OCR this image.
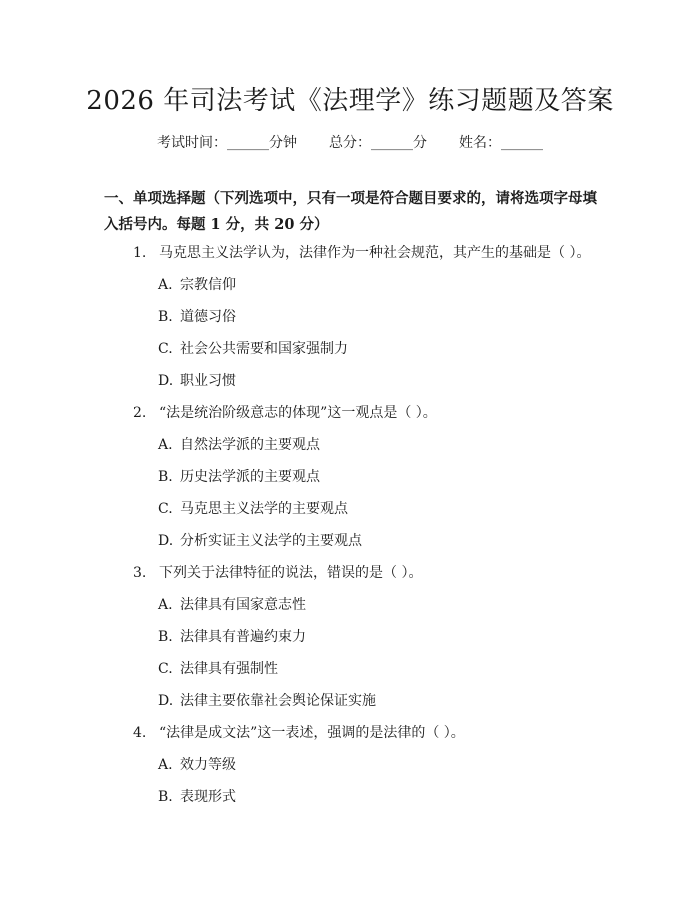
2026 年司法考试《法理学》练习题题及答案
考试时间：______分钟 总分：______分 姓名：______
一、单项选择题（下列选项中，只有一项是符合题目要求的，请将选项字母填入括号内。每题 1 分，共 20 分）
1. 马克思主义法学认为，法律作为一种社会规范，其产生的基础是（ ）。
A. 宗教信仰
B. 道德习俗
C. 社会公共需要和国家强制力
D. 职业习惯
2. “法是统治阶级意志的体现”这一观点是（ ）。
A. 自然法学派的主要观点
B. 历史法学派的主要观点
C. 马克思主义法学的主要观点
D. 分析实证主义法学的主要观点
3. 下列关于法律特征的说法，错误的是（ ）。
A. 法律具有国家意志性
B. 法律具有普遍约束力
C. 法律具有强制性
D. 法律主要依靠社会舆论保证实施
4. “法律是成文法”这一表述，强调的是法律的（ ）。
A. 效力等级
B. 表现形式
